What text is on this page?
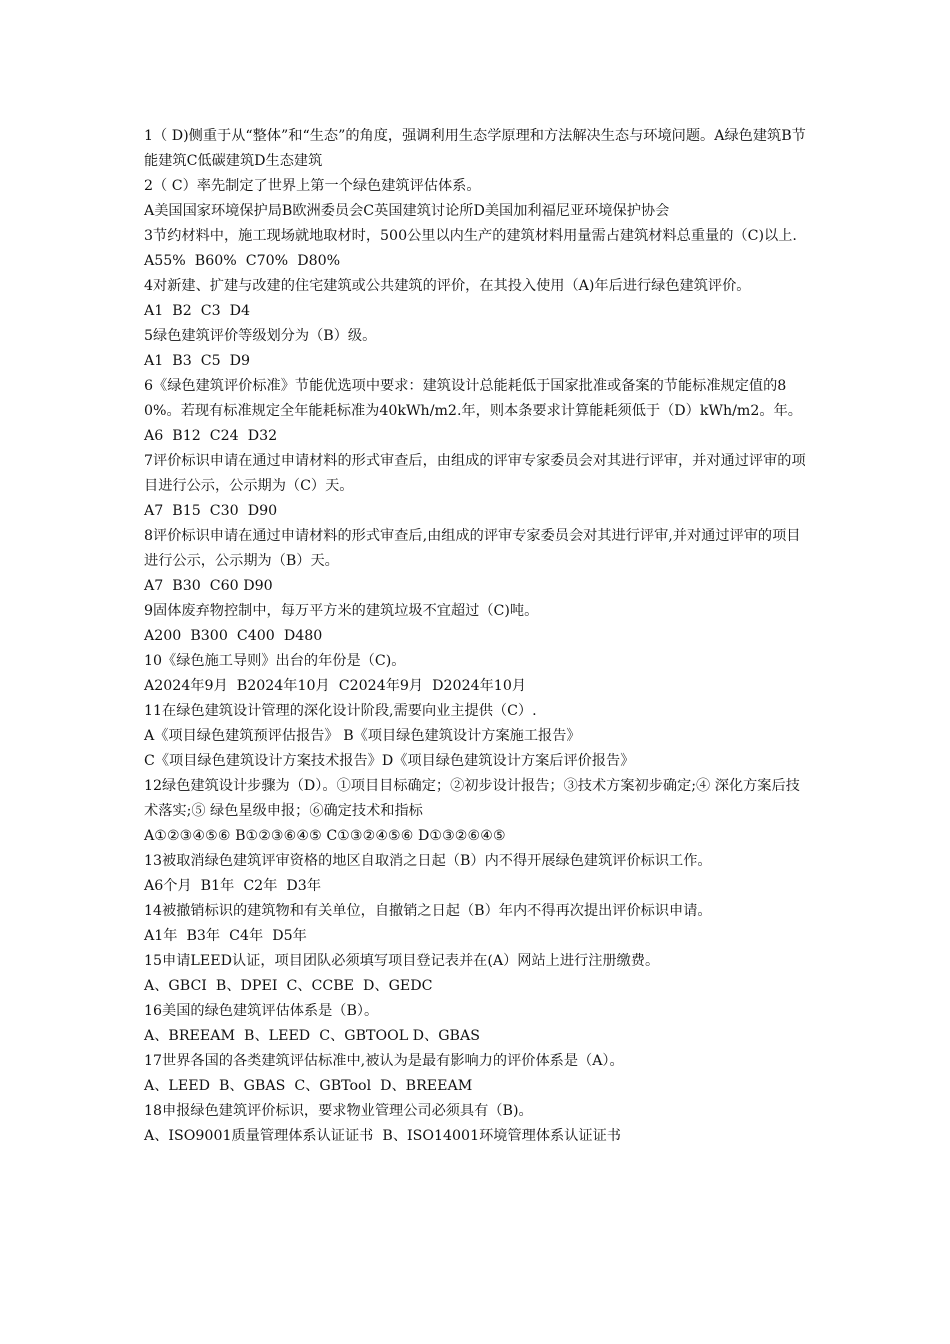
1（ D)侧重于从“整体”和“生态”的角度，强调利用生态学原理和方法解决生态与环境问题。A绿色建筑B节能建筑C低碳建筑D生态建筑

2（ C）率先制定了世界上第一个绿色建筑评估体系。

A美国国家环境保护局B欧洲委员会C英国建筑讨论所D美国加利福尼亚环境保护协会

3节约材料中，施工现场就地取材时，500公里以内生产的建筑材料用量需占建筑材料总重量的（C)以上.

A55%  B60%  C70%  D80%

4对新建、扩建与改建的住宅建筑或公共建筑的评价，在其投入使用（A)年后进行绿色建筑评价。

A1  B2  C3  D4

5绿色建筑评价等级划分为（B）级。

A1  B3  C5  D9

6《绿色建筑评价标准》节能优选项中要求：建筑设计总能耗低于国家批准或备案的节能标准规定值的80%。若现有标准规定全年能耗标准为40kWh/m2.年，则本条要求计算能耗须低于（D）kWh/m2。年。

A6  B12  C24  D32

7评价标识申请在通过申请材料的形式审查后，由组成的评审专家委员会对其进行评审，并对通过评审的项目进行公示，公示期为（C）天。

A7  B15  C30  D90

8评价标识申请在通过申请材料的形式审查后,由组成的评审专家委员会对其进行评审,并对通过评审的项目进行公示，公示期为（B）天。

A7  B30  C60 D90

9固体废弃物控制中，每万平方米的建筑垃圾不宜超过（C)吨。

A200  B300  C400  D480

10《绿色施工导则》出台的年份是（C)。

A2024年9月  B2024年10月  C2024年9月  D2024年10月

11在绿色建筑设计管理的深化设计阶段,需要向业主提供（C）.

A《项目绿色建筑预评估报告》 B《项目绿色建筑设计方案施工报告》

C《项目绿色建筑设计方案技术报告》D《项目绿色建筑设计方案后评价报告》

12绿色建筑设计步骤为（D）。①项目目标确定；②初步设计报告；③技术方案初步确定;④ 深化方案后技术落实;⑤ 绿色星级申报；⑥确定技术和指标

A①②③④⑤⑥ B①②③⑥④⑤ C①③②④⑤⑥ D①③②⑥④⑤

13被取消绿色建筑评审资格的地区自取消之日起（B）内不得开展绿色建筑评价标识工作。

A6个月  B1年  C2年  D3年

14被撤销标识的建筑物和有关单位，自撤销之日起（B）年内不得再次提出评价标识申请。

A1年  B3年  C4年  D5年

15申请LEED认证，项目团队必须填写项目登记表并在(A）网站上进行注册缴费。

A、GBCI  B、DPEI  C、CCBE  D、GEDC

16美国的绿色建筑评估体系是（B）。

A、BREEAM  B、LEED  C、GBTOOL D、GBAS

17世界各国的各类建筑评估标准中,被认为是最有影响力的评价体系是（A）。

A、LEED  B、GBAS  C、GBTool  D、BREEAM

18申报绿色建筑评价标识，要求物业管理公司必须具有（B)。

A、ISO9001质量管理体系认证证书  B、ISO14001环境管理体系认证证书
